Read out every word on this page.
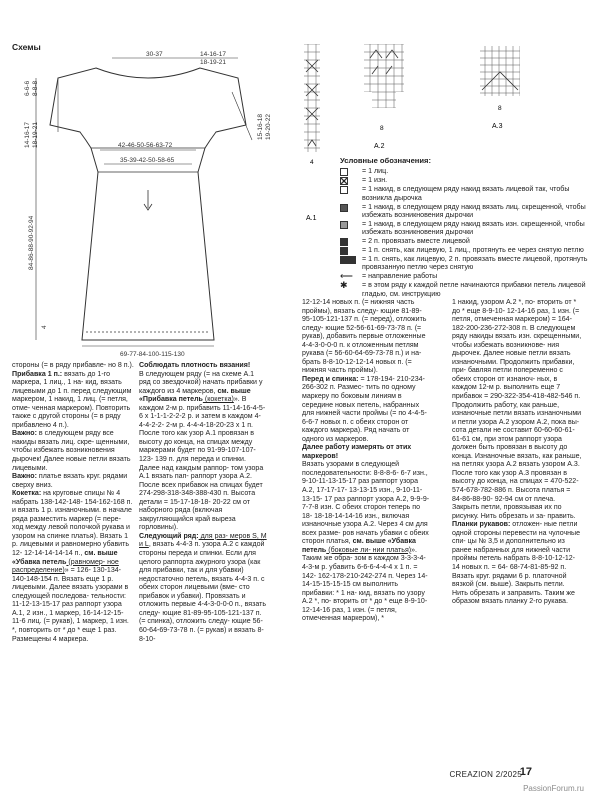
Схемы
30-37	14-16-17
18-19-21
6-6-6 8-8-8
14-16-17 18-19-21	15-16-18 19-20-22
42-46-50-56-63-72
35-39-42-50-58-65
84-86-88-90-92-94
4
69-77-84-100-115-130
4
A.1
8
A.2
8
A.3
Условные обозначения:
= 1 лиц.
= 1 изн.
= 1 накид, в следующем ряду накид вязать лицевой так, чтобы возникла дырочка
= 1 накид, в следующем ряду накид вязать лиц. скрещенной, чтобы избежать возникновения дырочки
= 1 накид, в следующем ряду накид вязать изн. скрещенной, чтобы избежать возникновения дырочки
= 2 п. провязать вместе лицевой
= 1 п. снять, как лицевую, 1 лиц., протянуть ее через снятую петлю
= 1 п. снять, как лицевую, 2 п. провязать вместе лицевой, протянуть провязанную петлю через снятую
⟵	= направление работы
✱	= в этом ряду к каждой петле начинаются прибавки петель лицевой гладью, см. инструкцию

стороны (= в ряду прибавле- но 8 п.).

Прибавка 1 п.: вязать до 1-го маркера, 1 лиц., 1 на- кид, вязать лицевыми до 1 п. перед следующим маркером, 1 накид, 1 лиц. (= петля, отме- ченная маркером). Повторить также с другой стороны (= в ряду прибавлено 4 п.).

Важно: в следующем ряду все накиды вязать лиц. скре- щенными, чтобы избежать возникновения дырочек! Далее новые петли вязать лицевыми.

Важно: платье вязать круг. рядами сверху вниз.

Кокетка: на круговые спицы № 4 набрать 138-142-148- 154-162-168 п. и вязать 1 р. изнаночными. в начале ряда разместить маркер (= пере- ход между левой полочкой рукава и узором на спинке платья). Вязать 1 р. лицевыми и равномерно убавить 12- 12-14-14-14-14 п., см. выше «Убавка петель (равномер- ное распределение)» = 126- 130-134-140-148-154 п. Вязать еще 1 р. лицевыми. Далее вязать узорами в следующей последова- тельности: 11-12-13-15-17 раз раппорт узора А.1, 2 изн., 1 маркер, 16-14-12-15- 11-6 лиц. (= рукав), 1 маркер, 1 изн. *, повторить от * до * еще 1 раз. Размещены 4 маркера.

Соблюдать плотность вязания!

В следующем ряду (= на схеме А.1 ряд со звездочкой) начать прибавки у каждого из 4 маркеров, см. выше «Прибавка петель (кокетка)». В каждом 2-м р. прибавить 11-14-16-4-5-6 х 1-1-1-2-2-2 р. и затем в каждом 4-4-4-2-2- 2-м р. 4-4-4-18-20-23 х 1 п. После того как узор А.1 провязан в высоту до конца, на спицах между маркерами будет по 91-99-107-107-123- 139 п. для переда и спинки. Далее над каждым раппор- том узора А.1 вязать пап- раппорт узора А.2. После всех прибавок на спицах будет 274-298-318-348-388-430 п. Высота детали = 15-17-18-18- 20-22 см от наборного ряда (включая закругляющийся край выреза горловины).

Следующий ряд: для раз- меров S, M и L, вязать 4-4-3 п. узора А.2 с каждой стороны переда и спинки. Если для целого раппорта ажурного узора (как для прибавки, так и для убавки) недостаточно петель, вязать 4-4-3 п. с обеих сторон лицевыми (вме- сто прибавок и убавки). Провязать и отложить первые 4-4-3-0-0-0 п., вязать следу- ющие 81-89-95-105-121-137 п. (= спинка), отложить следу- ющие 56-60-64-69-73-78 п. (= рукав) и вязать 8-8-10-

12-12-14 новых п. (= нижняя часть проймы), вязать следу- ющие 81-89-95-105-121-137 п. (= перед), отложить следу- ющие 52-56-61-69-73-78 п. (= рукав), добавить первые отложенные 4-4-3-0-0-0 п. к отложенным петлям рукава (= 56-60-64-69-73-78 п.) и на- брать 8-8-10-12-12-14 новых п. (= нижняя часть проймы).

Перед и спинка: = 178-194- 210-234-266-302 п. Размес- тить по одному маркеру по боковым линиям в середине новых петель, набранных для нижней части проймы (= по 4-4-5-6-6-7 новых п. с обеих сторон от каждого маркера). Ряд начать от одного из маркеров.

Далее работу измерять от этих маркеров!

Вязать узорами в следующей последовательности: 8-8-8-6- 6-7 изн., 9-10-11-13-15-17 раз раппорт узора А.2, 17-17-17- 13-13-15 изн., 9-10-11-13-15- 17 раз раппорт узора А.2, 9-9-9-7-7-8 изн. С обеих сторон теперь по 18- 18-18-14-14-16 изн., включая изнаночные узора А.2. Через 4 см для всех разме- ров начать убавки с обеих сторон платья, см. выше «Убавка петель (боковые ли- нии платья)». Таким же обра- зом в каждом 3-3-3-4-4-3-м р. убавить 6-6-6-4-4-4 х 1 п. = 142- 162-178-210-242-274 п. Через 14-14-15-15-15-15 см выполнить прибавки: * 1 на- кид, вязать по узору А.2 *, по- вторить от * до * еще 8-9-10- 12-14-16 раз, 1 изн. (= петля, отмеченная маркером), *

1 накид, узором А.2 *, по- вторить от * до * еще 8-9-10- 12-14-16 раз, 1 изн. (= петля, отмеченная маркером) = 164-182-200-236-272-308 п. В следующем ряду накиды вязать изн. скрещенными, чтобы избежать возникнове- ния дырочек. Далее новые петли вязать изнаночными. Продолжить прибавки, при- бавляя петли попеременно с обеих сторон от изнаноч- ных, в каждом 12-м р. выполнить еще 7 прибавок = 290-322-354-418-482-546 п. Продолжить работу, как раньше, изнаночные петли вязать изнаночными и петли узора А.2 узором А.2, пока вы- сота детали не составит 60-60-60-61-61-61 см, при этом раппорт узора должен быть провязан в высоту до конца. Изнаночные вязать, как раньше, на петлях узора А.2 вязать узором А.3. После того как узор А.3 провязан в высоту до конца, на спицах = 470-522-574-678-782-886 п. Высота платья = 84-86-88-90- 92-94 см от плеча. Закрыть петли, провязывая их по рисунку. Нить обрезать и за- править.

Планки рукавов: отложен- ные петли одной стороны перевести на чулочные спи- цы № 3,5 и дополнительно из ранее набранных для нижней части проймы петель набрать 8-8-10-12-12-14 новых п. = 64- 68-74-81-85-92 п. Вязать круг. рядами 6 р. платочной вязкой (см. выше). Закрыть петли. Нить обрезать и заправить. Таким же образом вязать планку 2-го рукава.

CREAZION 2/2025
17
PassionForum.ru
